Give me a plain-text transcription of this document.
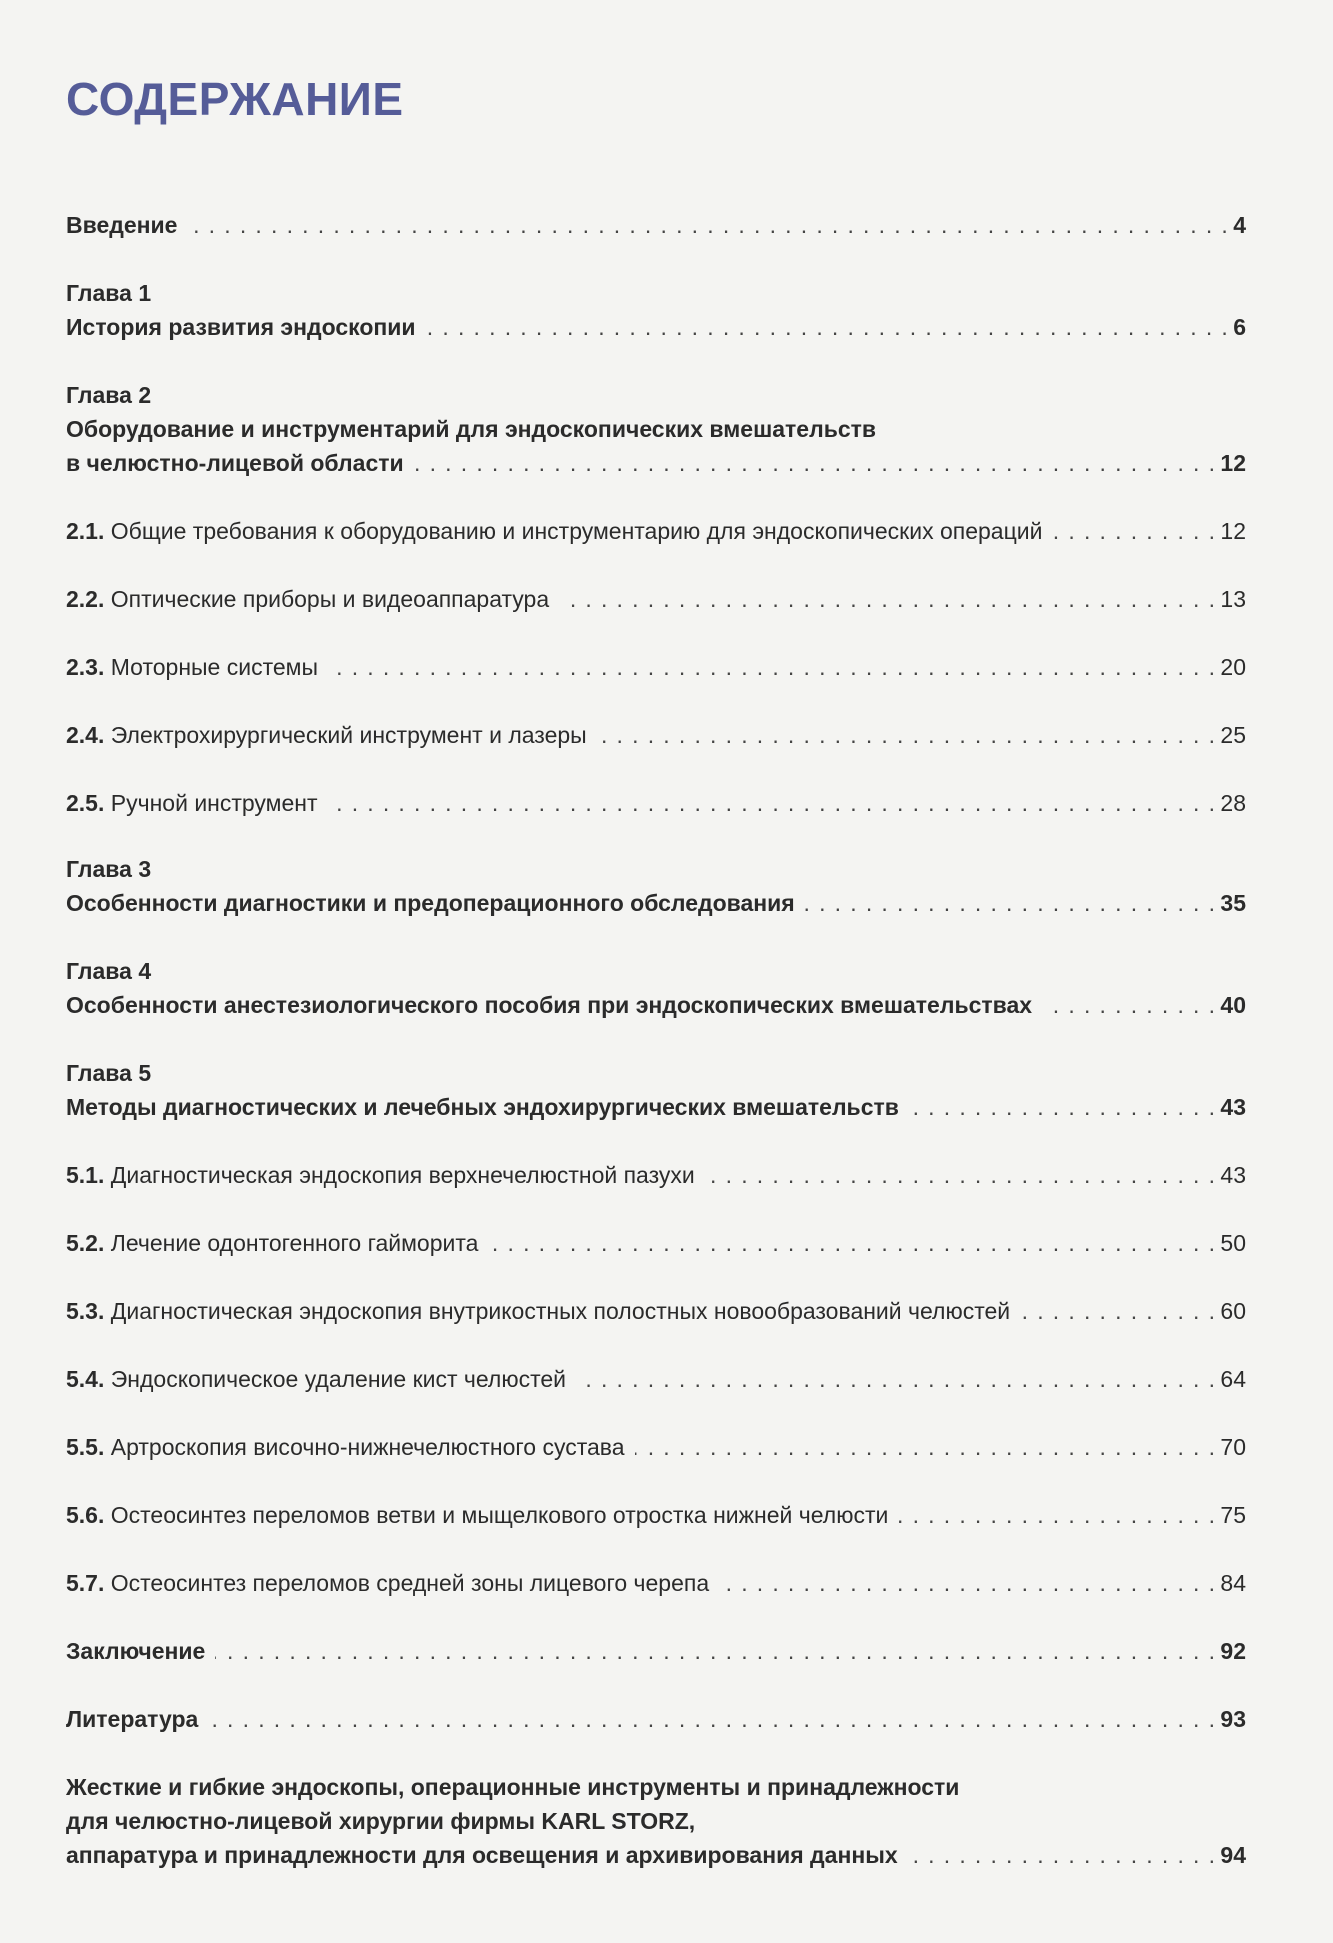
СОДЕРЖАНИЕ
Введение . . .	4
Глава 1
История развития эндоскопии . . .	6
Глава 2
Оборудование и инструментарий для эндоскопических вмешательств
в челюстно-лицевой области . . .	12
2.1. Общие требования к оборудованию и инструментарию для эндоскопических операций . . .	12
2.2. Оптические приборы и видеоаппаратура . . .	13
2.3. Моторные системы . . .	20
2.4. Электрохирургический инструмент и лазеры . . .	25
2.5. Ручной инструмент . . .	28
Глава 3
Особенности диагностики и предоперационного обследования . . .	35
Глава 4
Особенности анестезиологического пособия при эндоскопических вмешательствах . . .	40
Глава 5
Методы диагностических и лечебных эндохирургических вмешательств . . .	43
5.1. Диагностическая эндоскопия верхнечелюстной пазухи . . .	43
5.2. Лечение одонтогенного гайморита . . .	50
5.3. Диагностическая эндоскопия внутрикостных полостных новообразований челюстей . . .	60
5.4. Эндоскопическое удаление кист челюстей . . .	64
5.5. Артроскопия височно-нижнечелюстного сустава . . .	70
5.6. Остеосинтез переломов ветви и мыщелкового отростка нижней челюсти . . .	75
5.7. Остеосинтез переломов средней зоны лицевого черепа . . .	84
Заключение . . .	92
Литература . . .	93
Жесткие и гибкие эндоскопы, операционные инструменты и принадлежности
для челюстно-лицевой хирургии фирмы KARL STORZ,
аппаратура и принадлежности для освещения и архивирования данных . . .	94
